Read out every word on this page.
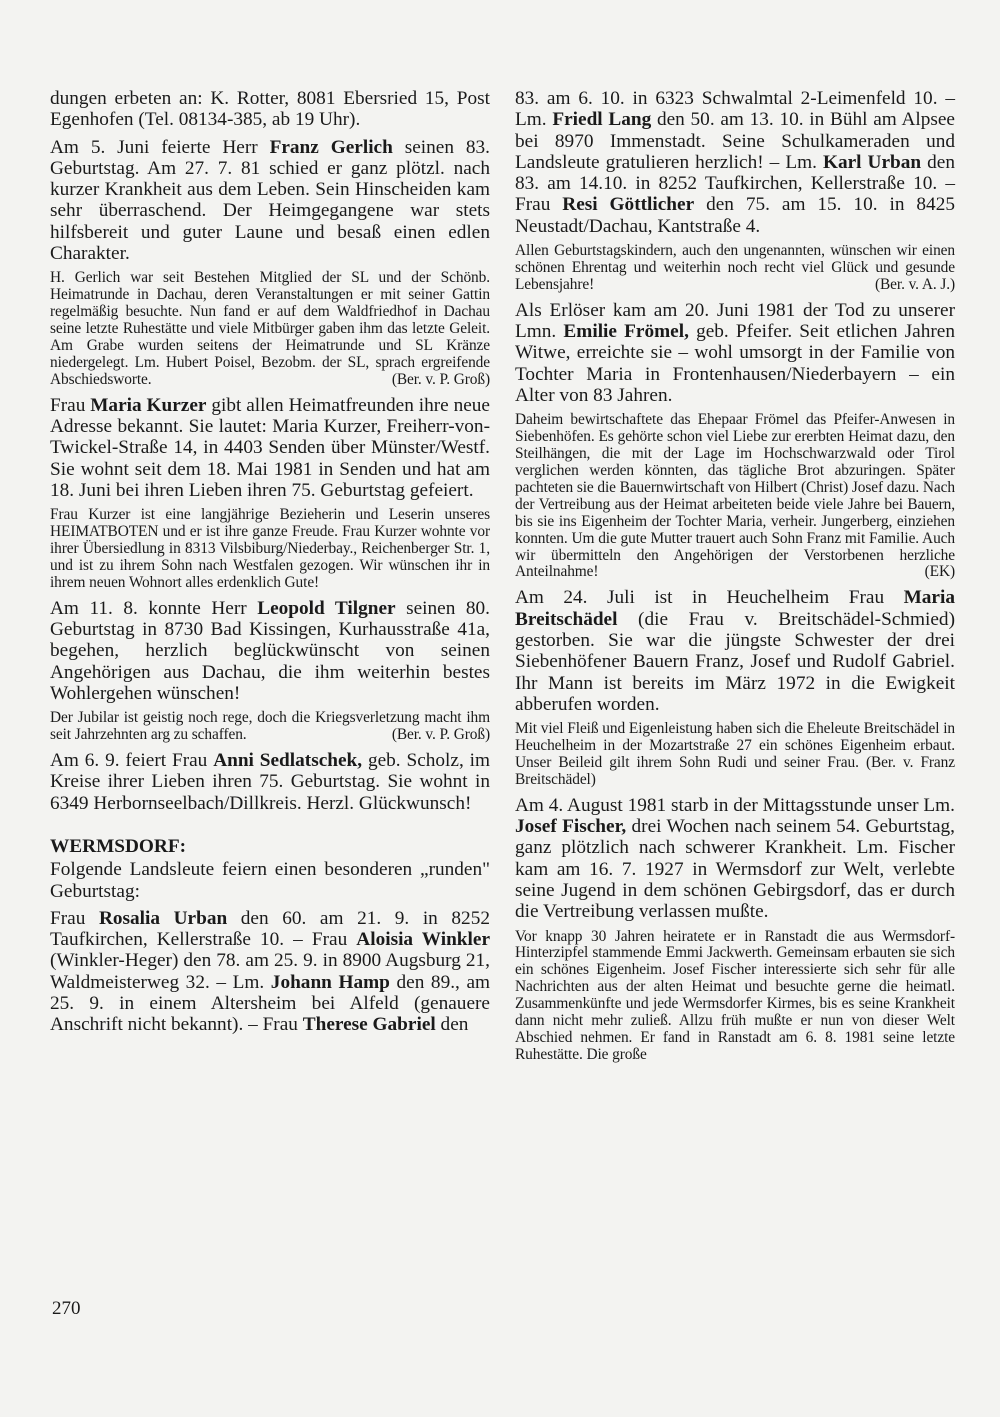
dungen erbeten an: K. Rotter, 8081 Ebersried 15, Post Egenhofen (Tel. 08134-385, ab 19 Uhr).

Am 5. Juni feierte Herr Franz Gerlich seinen 83. Geburtstag. Am 27. 7. 81 schied er ganz plötzl. nach kurzer Krankheit aus dem Leben. Sein Hinscheiden kam sehr überraschend. Der Heimgegangene war stets hilfsbereit und guter Laune und besaß einen edlen Charakter.

H. Gerlich war seit Bestehen Mitglied der SL und der Schönb. Heimatrunde in Dachau, deren Veranstaltungen er mit seiner Gattin regelmäßig besuchte. Nun fand er auf dem Waldfriedhof in Dachau seine letzte Ruhestätte und viele Mitbürger gaben ihm das letzte Geleit. Am Grabe wurden seitens der Heimatrunde und SL Kränze niedergelegt. Lm. Hubert Poisel, Bezobm. der SL, sprach ergreifende Abschiedsworte.	(Ber. v. P. Groß)

Frau Maria Kurzer gibt allen Heimatfreunden ihre neue Adresse bekannt. Sie lautet: Maria Kurzer, Freiherr-von-Twickel-Straße 14, in 4403 Senden über Münster/Westf. Sie wohnt seit dem 18. Mai 1981 in Senden und hat am 18. Juni bei ihren Lieben ihren 75. Geburtstag gefeiert.

Frau Kurzer ist eine langjährige Bezieherin und Leserin unseres HEIMATBOTEN und er ist ihre ganze Freude. Frau Kurzer wohnte vor ihrer Übersiedlung in 8313 Vilsbiburg/Niederbay., Reichenberger Str. 1, und ist zu ihrem Sohn nach Westfalen gezogen. Wir wünschen ihr in ihrem neuen Wohnort alles erdenklich Gute!

Am 11. 8. konnte Herr Leopold Tilgner seinen 80. Geburtstag in 8730 Bad Kissingen, Kurhausstraße 41a, begehen, herzlich beglückwünscht von seinen Angehörigen aus Dachau, die ihm weiterhin bestes Wohlergehen wünschen!

Der Jubilar ist geistig noch rege, doch die Kriegsverletzung macht ihm seit Jahrzehnten arg zu schaffen.	(Ber. v. P. Groß)

Am 6. 9. feiert Frau Anni Sedlatschek, geb. Scholz, im Kreise ihrer Lieben ihren 75. Geburtstag. Sie wohnt in 6349 Herbornseelbach/Dillkreis. Herzl. Glückwunsch!

WERMSDORF:

Folgende Landsleute feiern einen besonderen „runden" Geburtstag:

Frau Rosalia Urban den 60. am 21. 9. in 8252 Taufkirchen, Kellerstraße 10. – Frau Aloisia Winkler (Winkler-Heger) den 78. am 25. 9. in 8900 Augsburg 21, Waldmeisterweg 32. – Lm. Johann Hamp den 89., am 25. 9. in einem Altersheim bei Alfeld (genauere Anschrift nicht bekannt). – Frau Therese Gabriel den

83. am 6. 10. in 6323 Schwalmtal 2-Leimenfeld 10. – Lm. Friedl Lang den 50. am 13. 10. in Bühl am Alpsee bei 8970 Immenstadt. Seine Schulkameraden und Landsleute gratulieren herzlich! – Lm. Karl Urban den 83. am 14.10. in 8252 Taufkirchen, Kellerstraße 10. – Frau Resi Göttlicher den 75. am 15. 10. in 8425 Neustadt/Dachau, Kantstraße 4.

Allen Geburtstagskindern, auch den ungenannten, wünschen wir einen schönen Ehrentag und weiterhin noch recht viel Glück und gesunde Lebensjahre!	(Ber. v. A. J.)

Als Erlöser kam am 20. Juni 1981 der Tod zu unserer Lmn. Emilie Frömel, geb. Pfeifer. Seit etlichen Jahren Witwe, erreichte sie – wohl umsorgt in der Familie von Tochter Maria in Frontenhausen/Niederbayern – ein Alter von 83 Jahren.

Daheim bewirtschaftete das Ehepaar Frömel das Pfeifer-Anwesen in Siebenhöfen. Es gehörte schon viel Liebe zur ererbten Heimat dazu, den Steilhängen, die mit der Lage im Hochschwarzwald oder Tirol verglichen werden könnten, das tägliche Brot abzuringen. Später pachteten sie die Bauernwirtschaft von Hilbert (Christ) Josef dazu. Nach der Vertreibung aus der Heimat arbeiteten beide viele Jahre bei Bauern, bis sie ins Eigenheim der Tochter Maria, verheir. Jungerberg, einziehen konnten. Um die gute Mutter trauert auch Sohn Franz mit Familie. Auch wir übermitteln den Angehörigen der Verstorbenen herzliche Anteilnahme!	(EK)

Am 24. Juli ist in Heuchelheim Frau Maria Breitschädel (die Frau v. Breitschädel-Schmied) gestorben. Sie war die jüngste Schwester der drei Siebenhöfener Bauern Franz, Josef und Rudolf Gabriel. Ihr Mann ist bereits im März 1972 in die Ewigkeit abberufen worden.

Mit viel Fleiß und Eigenleistung haben sich die Eheleute Breitschädel in Heuchelheim in der Mozartstraße 27 ein schönes Eigenheim erbaut. Unser Beileid gilt ihrem Sohn Rudi und seiner Frau. (Ber. v. Franz Breitschädel)

Am 4. August 1981 starb in der Mittagsstunde unser Lm. Josef Fischer, drei Wochen nach seinem 54. Geburtstag, ganz plötzlich nach schwerer Krankheit. Lm. Fischer kam am 16. 7. 1927 in Wermsdorf zur Welt, verlebte seine Jugend in dem schönen Gebirgsdorf, das er durch die Vertreibung verlassen mußte.

Vor knapp 30 Jahren heiratete er in Ranstadt die aus Wermsdorf-Hinterzipfel stammende Emmi Jackwerth. Gemeinsam erbauten sie sich ein schönes Eigenheim. Josef Fischer interessierte sich sehr für alle Nachrichten aus der alten Heimat und besuchte gerne die heimatl. Zusammenkünfte und jede Wermsdorfer Kirmes, bis es seine Krankheit dann nicht mehr zuließ. Allzu früh mußte er nun von dieser Welt Abschied nehmen. Er fand in Ranstadt am 6. 8. 1981 seine letzte Ruhestätte. Die große

270
